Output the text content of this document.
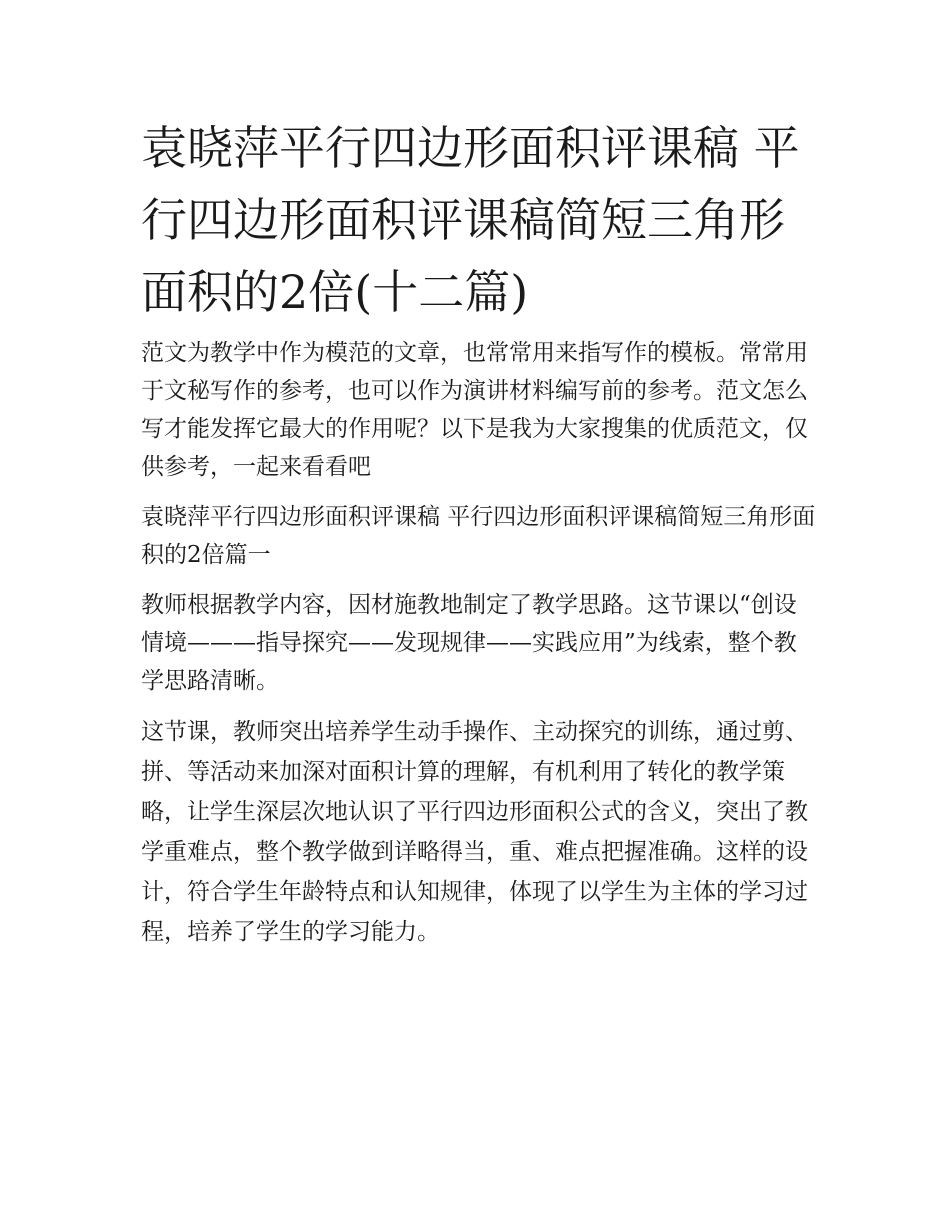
袁晓萍平行四边形面积评课稿 平行四边形面积评课稿简短三角形面积的2倍(十二篇)

范文为教学中作为模范的文章，也常常用来指写作的模板。常常用于文秘写作的参考，也可以作为演讲材料编写前的参考。范文怎么写才能发挥它最大的作用呢？以下是我为大家搜集的优质范文，仅供参考，一起来看看吧

袁晓萍平行四边形面积评课稿 平行四边形面积评课稿简短三角形面积的2倍篇一

教师根据教学内容，因材施教地制定了教学思路。这节课以“创设情境———指导探究——发现规律——实践应用”为线索，整个教学思路清晰。

这节课，教师突出培养学生动手操作、主动探究的训练，通过剪、拼、等活动来加深对面积计算的理解，有机利用了转化的教学策略，让学生深层次地认识了平行四边形面积公式的含义，突出了教学重难点，整个教学做到详略得当，重、难点把握准确。这样的设计，符合学生年龄特点和认知规律，体现了以学生为主体的学习过程，培养了学生的学习能力。
